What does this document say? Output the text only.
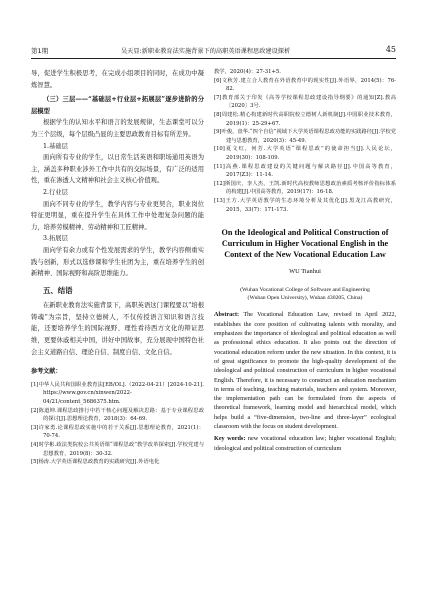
第1期	吴天显:新职业教育法实施背景下的高职英语课程思政建设探析	45

导，促进学生积极思考，在完成小组项目的同时，在成功中凝炼智慧。

（三）三层——“基础层+行业层+拓展层”逐步进阶的分层模型

根据学生的认知水平和语言的发展规律，生态课堂可以分为三个层级，每个层级凸显的主要思政教育目标有所差异。

1.基础层

面向所有专业的学生，以日常生活英语和职场通用英语为主，涵盖多种职业涉外工作中共有的交际场景，有广泛的适用性，重在渗透人文精神和社会主义核心价值观。

2.行业层

面向不同专业的学生，教学内容与专业更契合，职业岗位特征更明显，重在提升学生在具体工作中处理复杂问题的能力，培养劳模精神、劳动精神和工匠精神。

3.拓展层

面向学有余力或有个性发展需求的学生，教学内容侧重实践与创新，形式以选修课和学生社团为主，重在培养学生的创新精神、国际视野和高阶思维能力。

五、结语

在新职业教育法实施背景下，高职英语这门课程要以“培根铸魂”为宗旨，坚持立德树人，不仅传授语言知识和语言技能，还要培养学生的国际视野、理性看待西方文化的辩证思维，更要休戚相关中国，讲好中国故事，充分展现中国特色社会主义道路自信、理论自信、制度自信、文化自信。

参考文献：

[1]中华人民共和国职业教育法[EB/OL].（2022-04-21）[2024-10-21]. https://www.gov.cn/xinwen/2022-04/21/content_5686375.htm.

[2]陈道坤.课程思政推行中若干核心问题及解决思路：基于专业课程思政的探讨[J].思想理论教育，2018(3)：64-69.

[3]许家勇.论课程思政实施中的若干关系[J].思想理论教育，2021(1)：70-74.

[4]时学彬.政法类院校公共英语课“课程思政”教学改革探索[J].学校党建与思想教育，2019(8)：30-32.

[5]杨涛.大学英语课程思政教育的实践研究[J].外语电化

教学，2020(4)：27-31+5.

[6]文秋芳.建立合人教育在外语教育中的现实性[J].外语界，2014(5)：76-82.

[7]教育部关于印发《高等学校课程思政建设指导纲要》的通知[Z].教高〔2020〕3号.

[8]周建松.精心构建新时代高职院校立德树人新机制[J].中国职业技术教育，2019(1)：25-29+67.

[9]叶俊，盘华.“四个自信”视域下大学英语课程思政功能的实践路径[J].学校党建与思想教育，2020(3)：45-49.

[10]夏文红，何芳.大学英语“课程思政”的使命担当[J].人民论坛，2019(30)：108-109.

[11]高燕.课程思政建设的关键问题与解决路径[J].中国高等教育，2017(Z3)：11-14.

[12]斯国庆，李人杰，王凯.新时代高校教师思想政治素质考核评价指标体系的构建[J].中国高等教育，2019(17)：16-18.

[13]王方.大学英语教学的生态环境分析及其优化[J].黑龙江高教研究，2015，33(7)：171-173.

On the Ideological and Political Construction of Curriculum in Higher Vocational English in the Context of the New Vocational Education Law

WU Tianhui

(Wuhan Vocational College of Software and Engineering
(Wuhan Open University), Wuhan 430205, China)

Abstract: The Vocational Education Law, revised in April 2022, establishes the core position of cultivating talents with morality, and emphasizes the importance of ideological and political education as well as professional ethics education. It also points out the direction of vocational education reform under the new situation. In this context, it is of great significance to promote the high-quality development of the ideological and political construction of curriculum in higher vocational English. Therefore, it is necessary to construct an education mechanism in terms of teaching, teaching materials, teachers and system. Moreover, the implementation path can be formulated from the aspects of theoretical framework, learning model and hierarchical model, which helps build a “five-dimension, two-line and three-layer” ecological classroom with the focus on student development.

Key words: new vocational education law; higher vocational English; ideological and political construction of curriculum
